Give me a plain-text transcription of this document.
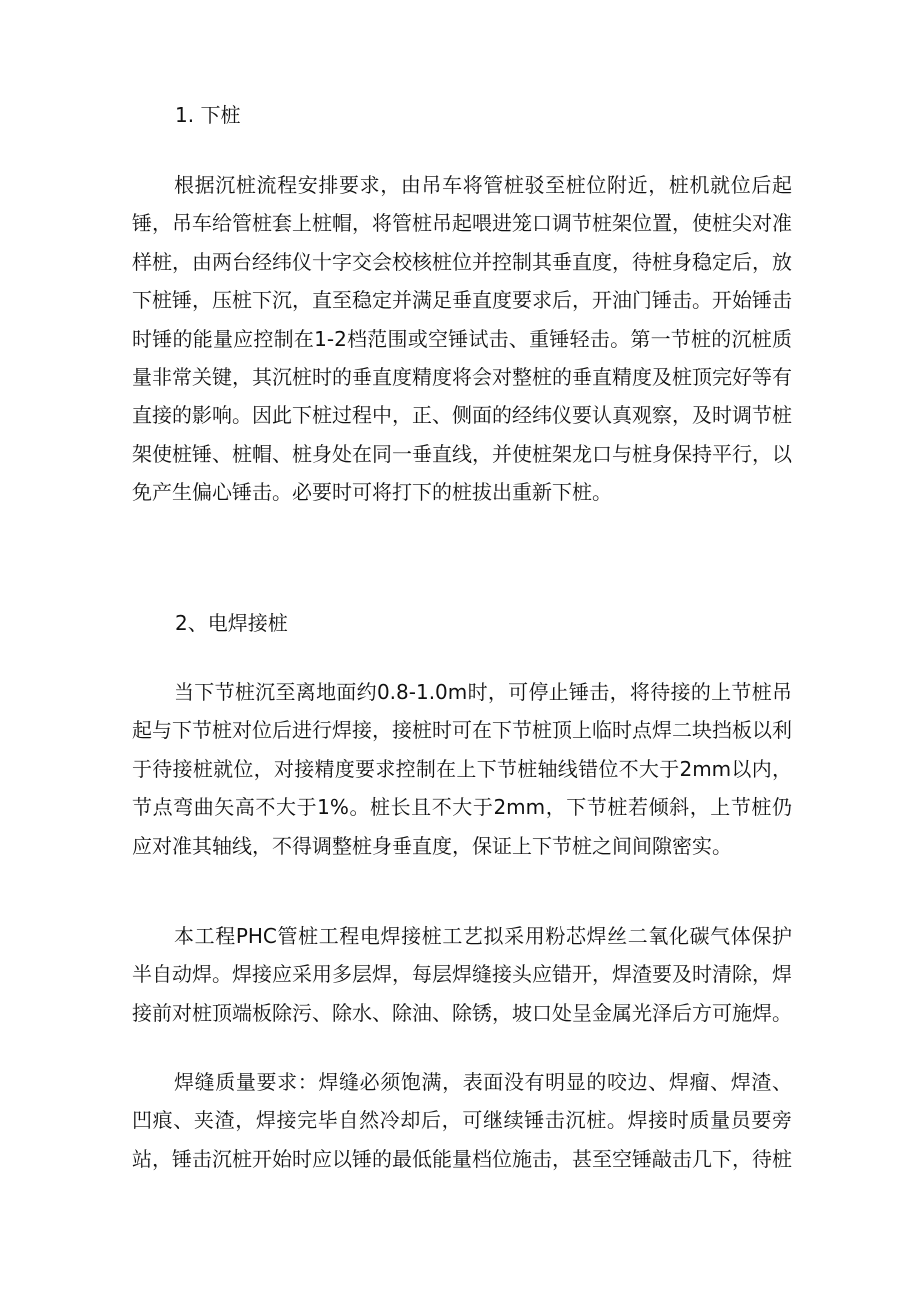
1. 下桩

根据沉桩流程安排要求，由吊车将管桩驳至桩位附近，桩机就位后起锤，吊车给管桩套上桩帽，将管桩吊起喂进笼口调节桩架位置，使桩尖对准样桩，由两台经纬仪十字交会校核桩位并控制其垂直度，待桩身稳定后，放下桩锤，压桩下沉，直至稳定并满足垂直度要求后，开油门锤击。开始锤击时锤的能量应控制在1-2档范围或空锤试击、重锤轻击。第一节桩的沉桩质量非常关键，其沉桩时的垂直度精度将会对整桩的垂直精度及桩顶完好等有直接的影响。因此下桩过程中，正、侧面的经纬仪要认真观察，及时调节桩架使桩锤、桩帽、桩身处在同一垂直线，并使桩架龙口与桩身保持平行，以免产生偏心锤击。必要时可将打下的桩拔出重新下桩。

2、电焊接桩

当下节桩沉至离地面约0.8-1.0m时，可停止锤击，将待接的上节桩吊起与下节桩对位后进行焊接，接桩时可在下节桩顶上临时点焊二块挡板以利于待接桩就位，对接精度要求控制在上下节桩轴线错位不大于2mm以内，节点弯曲矢高不大于1%。桩长且不大于2mm，下节桩若倾斜，上节桩仍应对准其轴线，不得调整桩身垂直度，保证上下节桩之间间隙密实。

本工程PHC管桩工程电焊接桩工艺拟采用粉芯焊丝二氧化碳气体保护半自动焊。焊接应采用多层焊，每层焊缝接头应错开，焊渣要及时清除，焊接前对桩顶端板除污、除水、除油、除锈，坡口处呈金属光泽后方可施焊。

焊缝质量要求：焊缝必须饱满，表面没有明显的咬边、焊瘤、焊渣、凹痕、夹渣，焊接完毕自然冷却后，可继续锤击沉桩。焊接时质量员要旁站，锤击沉桩开始时应以锤的最低能量档位施击，甚至空锤敲击几下，待桩
